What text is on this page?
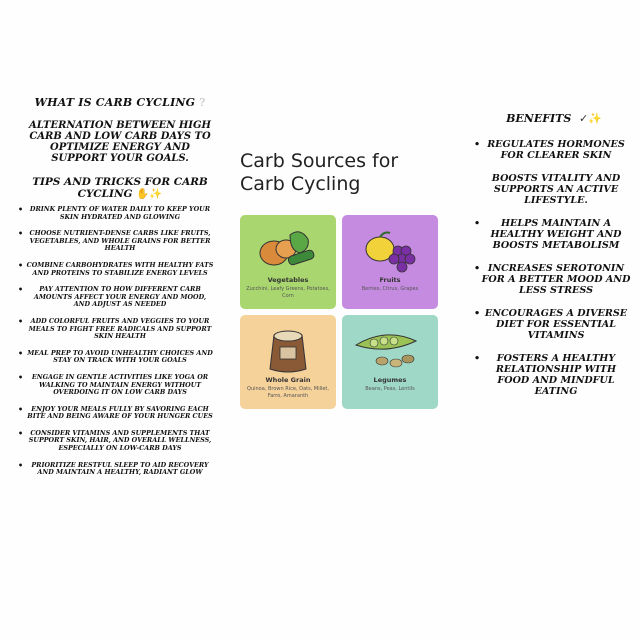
WHAT IS CARB CYCLING ?
ALTERNATION BETWEEN HIGH CARB AND LOW CARB DAYS TO OPTIMIZE ENERGY AND SUPPORT YOUR GOALS.
TIPS AND TRICKS FOR CARB CYCLING ✋✨
• DRINK PLENTY OF WATER DAILY TO KEEP YOUR SKIN HYDRATED AND GLOWING
• CHOOSE NUTRIENT-DENSE CARBS LIKE FRUITS, VEGETABLES, AND WHOLE GRAINS FOR BETTER HEALTH
• COMBINE CARBOHYDRATES WITH HEALTHY FATS AND PROTEINS TO STABILIZE ENERGY LEVELS
• PAY ATTENTION TO HOW DIFFERENT CARB AMOUNTS AFFECT YOUR ENERGY AND MOOD, AND ADJUST AS NEEDED
• ADD COLORFUL FRUITS AND VEGGIES TO YOUR MEALS TO FIGHT FREE RADICALS AND SUPPORT SKIN HEALTH
• MEAL PREP TO AVOID UNHEALTHY CHOICES AND STAY ON TRACK WITH YOUR GOALS
• ENGAGE IN GENTLE ACTIVITIES LIKE YOGA OR WALKING TO MAINTAIN ENERGY WITHOUT OVERDOING IT ON LOW CARB DAYS
• ENJOY YOUR MEALS FULLY BY SAVORING EACH BITE AND BEING AWARE OF YOUR HUNGER CUES
• CONSIDER VITAMINS AND SUPPLEMENTS THAT SUPPORT SKIN, HAIR, AND OVERALL WELLNESS, ESPECIALLY ON LOW-CARB DAYS
• PRIORITIZE RESTFUL SLEEP TO AID RECOVERY AND MAINTAIN A HEALTHY, RADIANT GLOW
Carb Sources for
Carb Cycling
Vegetables
Zucchini, Leafy Greens, Potatoes, Corn
Fruits
Berries, Citrus, Grapes
Whole Grain
Quinoa, Brown Rice, Oats, Millet, Farro, Amaranth
Legumes
Beans, Peas, Lentils
BENEFITS ✓✨
• REGULATES HORMONES FOR CLEARER SKIN
BOOSTS VITALITY AND SUPPORTS AN ACTIVE LIFESTYLE.
• HELPS MAINTAIN A HEALTHY WEIGHT AND BOOSTS METABOLISM
• INCREASES SEROTONIN FOR A BETTER MOOD AND LESS STRESS
• ENCOURAGES A DIVERSE DIET FOR ESSENTIAL VITAMINS
• FOSTERS A HEALTHY RELATIONSHIP WITH FOOD AND MINDFUL EATING
